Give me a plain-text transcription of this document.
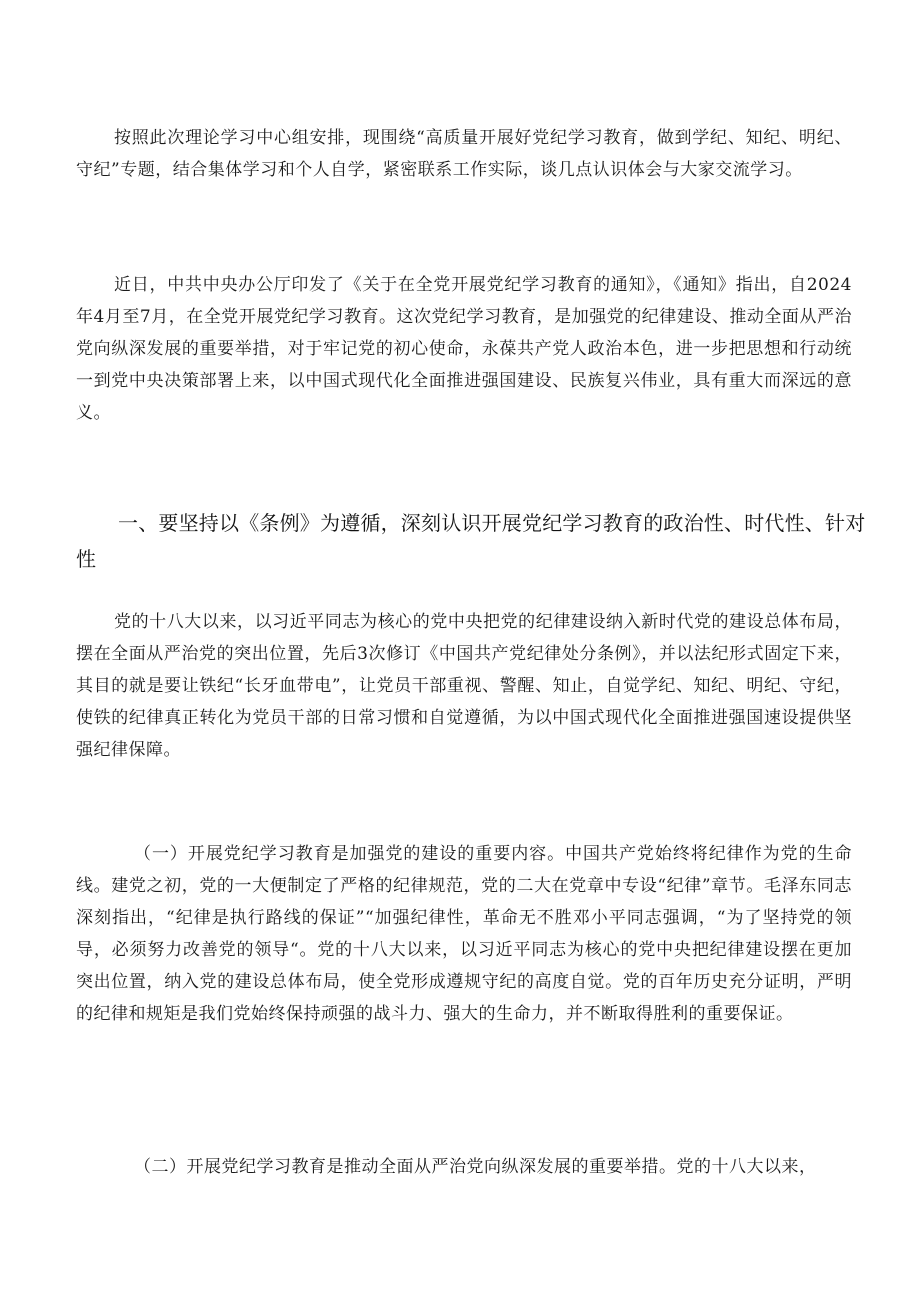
按照此次理论学习中心组安排，现围绕“高质量开展好党纪学习教育，做到学纪、知纪、明纪、守纪”专题，结合集体学习和个人自学，紧密联系工作实际，谈几点认识体会与大家交流学习。

近日，中共中央办公厅印发了《关于在全党开展党纪学习教育的通知》，《通知》指出，自2024年4月至7月，在全党开展党纪学习教育。这次党纪学习教育，是加强党的纪律建设、推动全面从严治党向纵深发展的重要举措，对于牢记党的初心使命，永葆共产党人政治本色，进一步把思想和行动统一到党中央决策部署上来，以中国式现代化全面推进强国建设、民族复兴伟业，具有重大而深远的意义。

一、要坚持以《条例》为遵循，深刻认识开展党纪学习教育的政治性、时代性、针对性

党的十八大以来，以习近平同志为核心的党中央把党的纪律建设纳入新时代党的建设总体布局，摆在全面从严治党的突出位置，先后3次修订《中国共产党纪律处分条例》，并以法纪形式固定下来，其目的就是要让铁纪“长牙血带电”，让党员干部重视、警醒、知止，自觉学纪、知纪、明纪、守纪，使铁的纪律真正转化为党员干部的日常习惯和自觉遵循，为以中国式现代化全面推进强国速设提供坚强纪律保障。

（一）开展党纪学习教育是加强党的建设的重要内容。中国共产党始终将纪律作为党的生命线。建党之初，党的一大便制定了严格的纪律规范，党的二大在党章中专设“纪律”章节。毛泽东同志深刻指出，“纪律是执行路线的保证”“加强纪律性，革命无不胜邓小平同志强调，“为了坚持党的领导，必须努力改善党的领导“。党的十八大以来，以习近平同志为核心的党中央把纪律建设摆在更加突出位置，纳入党的建设总体布局，使全党形成遵规守纪的高度自觉。党的百年历史充分证明，严明的纪律和规矩是我们党始终保持顽强的战斗力、强大的生命力，并不断取得胜利的重要保证。

（二）开展党纪学习教育是推动全面从严治党向纵深发展的重要举措。党的十八大以来，
